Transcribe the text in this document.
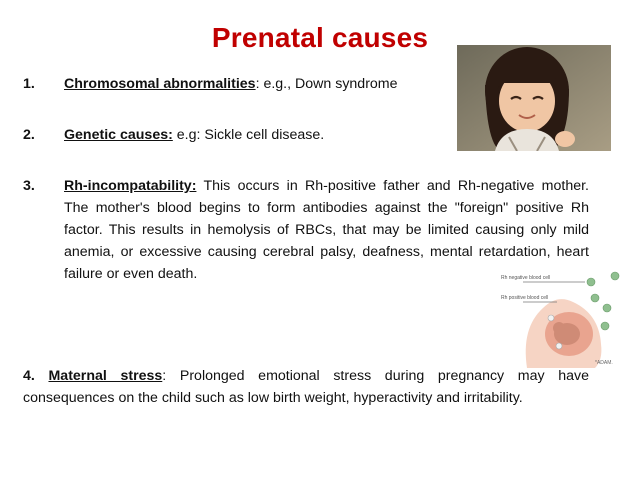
Prenatal causes
1. Chromosomal abnormalities: e.g., Down syndrome
2. Genetic causes: e.g: Sickle cell disease.
3. Rh-incompatability: This occurs in Rh-positive father and Rh-negative mother. The mother's blood begins to form antibodies against the "foreign" positive Rh factor. This results in hemolysis of RBCs, that may be limited causing only mild anemia, or excessive causing cerebral palsy, deafness, mental retardation, heart failure or even death.
4. Maternal stress: Prolonged emotional stress during pregnancy may have consequences on the child such as low birth weight, hyperactivity and irritability.
Rh negative blood cell
Rh positive blood cell
*ADAM.
